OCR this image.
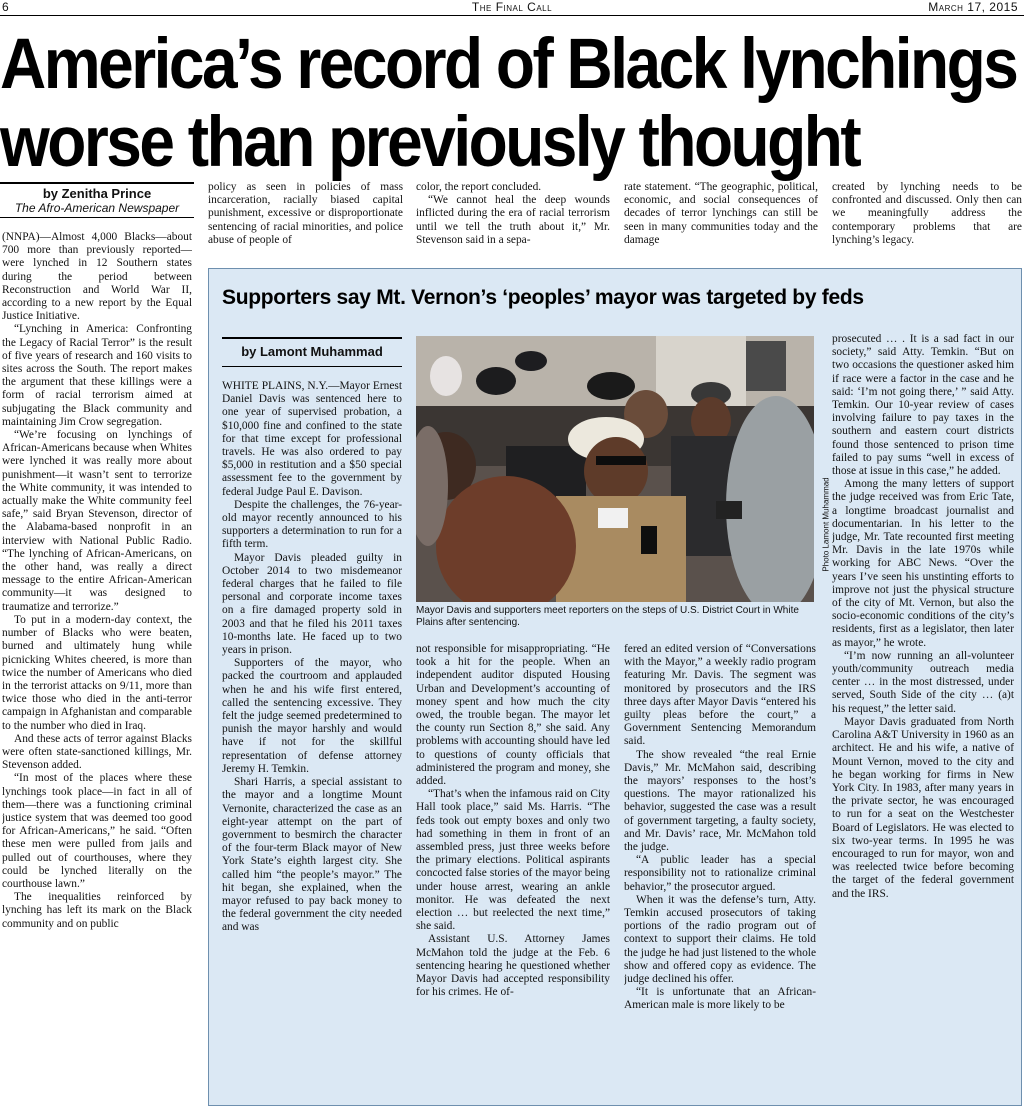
6	The Final Call	March 17, 2015
America’s record of Black lynchings
worse than previously thought
by Zenitha Prince
The Afro-American Newspaper

(NNPA)—Almost 4,000 Blacks—about 700 more than previously reported—were lynched in 12 Southern states during the period between Reconstruction and World War II, according to a new report by the Equal Justice Initiative.

“Lynching in America: Confronting the Legacy of Racial Terror” is the result of five years of research and 160 visits to sites across the South. The report makes the argument that these killings were a form of racial terrorism aimed at subjugating the Black community and maintaining Jim Crow segregation.

“We’re focusing on lynchings of African-Americans because when Whites were lynched it was really more about punishment—it wasn’t sent to terrorize the White community, it was intended to actually make the White community feel safe,” said Bryan Stevenson, director of the Alabama-based nonprofit in an interview with National Public Radio. “The lynching of African-Americans, on the other hand, was really a direct message to the entire African-American community—it was designed to traumatize and terrorize.”

To put in a modern-day context, the number of Blacks who were beaten, burned and ultimately hung while picnicking Whites cheered, is more than twice the number of Americans who died in the terrorist attacks on 9/11, more than twice those who died in the anti-terror campaign in Afghanistan and comparable to the number who died in Iraq.

And these acts of terror against Blacks were often state-sanctioned killings, Mr. Stevenson added.

“In most of the places where these lynchings took place—in fact in all of them—there was a functioning criminal justice system that was deemed too good for African-Americans,” he said. “Often these men were pulled from jails and pulled out of courthouses, where they could be lynched literally on the courthouse lawn.”

The inequalities reinforced by lynching has left its mark on the Black community and on public

policy as seen in policies of mass incarceration, racially biased capital punishment, excessive or disproportionate sentencing of racial minorities, and police abuse of people of

color, the report concluded.

“We cannot heal the deep wounds inflicted during the era of racial terrorism until we tell the truth about it,” Mr. Stevenson said in a sepa-

rate statement. “The geographic, political, economic, and social consequences of decades of terror lynchings can still be seen in many communities today and the damage

created by lynching needs to be confronted and discussed. Only then can we meaningfully address the contemporary problems that are lynching’s legacy.

Supporters say Mt. Vernon’s ‘peoples’ mayor was targeted by feds
by Lamont Muhammad

WHITE PLAINS, N.Y.—Mayor Ernest Daniel Davis was sentenced here to one year of supervised probation, a $10,000 fine and confined to the state for that time except for professional travels. He was also ordered to pay $5,000 in restitution and a $50 special assessment fee to the government by federal Judge Paul E. Davison.

Despite the challenges, the 76-year-old mayor recently announced to his supporters a determination to run for a fifth term.

Mayor Davis pleaded guilty in October 2014 to two misdemeanor federal charges that he failed to file personal and corporate income taxes on a fire damaged property sold in 2003 and that he filed his 2011 taxes 10-months late. He faced up to two years in prison.

Supporters of the mayor, who packed the courtroom and applauded when he and his wife first entered, called the sentencing excessive. They felt the judge seemed predetermined to punish the mayor harshly and would have if not for the skillful representation of defense attorney Jeremy H. Temkin.

Shari Harris, a special assistant to the mayor and a longtime Mount Vernonite, characterized the case as an eight-year attempt on the part of government to besmirch the character of the four-term Black mayor of New York State’s eighth largest city. She called him “the people’s mayor.” The hit began, she explained, when the mayor refused to pay back money to the federal government the city needed and was

Photo Lamont Muhammad
Mayor Davis and supporters meet reporters on the steps of U.S. District Court in White Plains after sentencing.

not responsible for misappropriating. “He took a hit for the people. When an independent auditor disputed Housing Urban and Development’s accounting of money spent and how much the city owed, the trouble began. The mayor let the county run Section 8,” she said. Any problems with accounting should have led to questions of county officials that administered the program and money, she added.

“That’s when the infamous raid on City Hall took place,” said Ms. Harris. “The feds took out empty boxes and only two had something in them in front of an assembled press, just three weeks before the primary elections. Political aspirants concocted false stories of the mayor being under house arrest, wearing an ankle monitor. He was defeated the next election … but reelected the next time,” she said.

Assistant U.S. Attorney James McMahon told the judge at the Feb. 6 sentencing hearing he questioned whether Mayor Davis had accepted responsibility for his crimes. He of-

fered an edited version of “Conversations with the Mayor,” a weekly radio program featuring Mr. Davis. The segment was monitored by prosecutors and the IRS three days after Mayor Davis “entered his guilty pleas before the court,” a Government Sentencing Memorandum said.

The show revealed “the real Ernie Davis,” Mr. McMahon said, describing the mayors’ responses to the host’s questions. The mayor rationalized his behavior, suggested the case was a result of government targeting, a faulty society, and Mr. Davis’ race, Mr. McMahon told the judge.

“A public leader has a special responsibility not to rationalize criminal behavior,” the prosecutor argued.

When it was the defense’s turn, Atty. Temkin accused prosecutors of taking portions of the radio program out of context to support their claims. He told the judge he had just listened to the whole show and offered copy as evidence. The judge declined his offer.

“It is unfortunate that an African-American male is more likely to be

prosecuted … . It is a sad fact in our society,” said Atty. Temkin. “But on two occasions the questioner asked him if race were a factor in the case and he said: ‘I’m not going there,’ ” said Atty. Temkin. Our 10-year review of cases involving failure to pay taxes in the southern and eastern court districts found those sentenced to prison time failed to pay sums “well in excess of those at issue in this case,” he added.

Among the many letters of support the judge received was from Eric Tate, a longtime broadcast journalist and documentarian. In his letter to the judge, Mr. Tate recounted first meeting Mr. Davis in the late 1970s while working for ABC News. “Over the years I’ve seen his unstinting efforts to improve not just the physical structure of the city of Mt. Vernon, but also the socio-economic conditions of the city’s residents, first as a legislator, then later as mayor,” he wrote.

“I’m now running an all-volunteer youth/community outreach media center … in the most distressed, under served, South Side of the city … (a)t his request,” the letter said.

Mayor Davis graduated from North Carolina A&T University in 1960 as an architect. He and his wife, a native of Mount Vernon, moved to the city and he began working for firms in New York City. In 1983, after many years in the private sector, he was encouraged to run for a seat on the Westchester Board of Legislators. He was elected to six two-year terms. In 1995 he was encouraged to run for mayor, won and was reelected twice before becoming the target of the federal government and the IRS.
